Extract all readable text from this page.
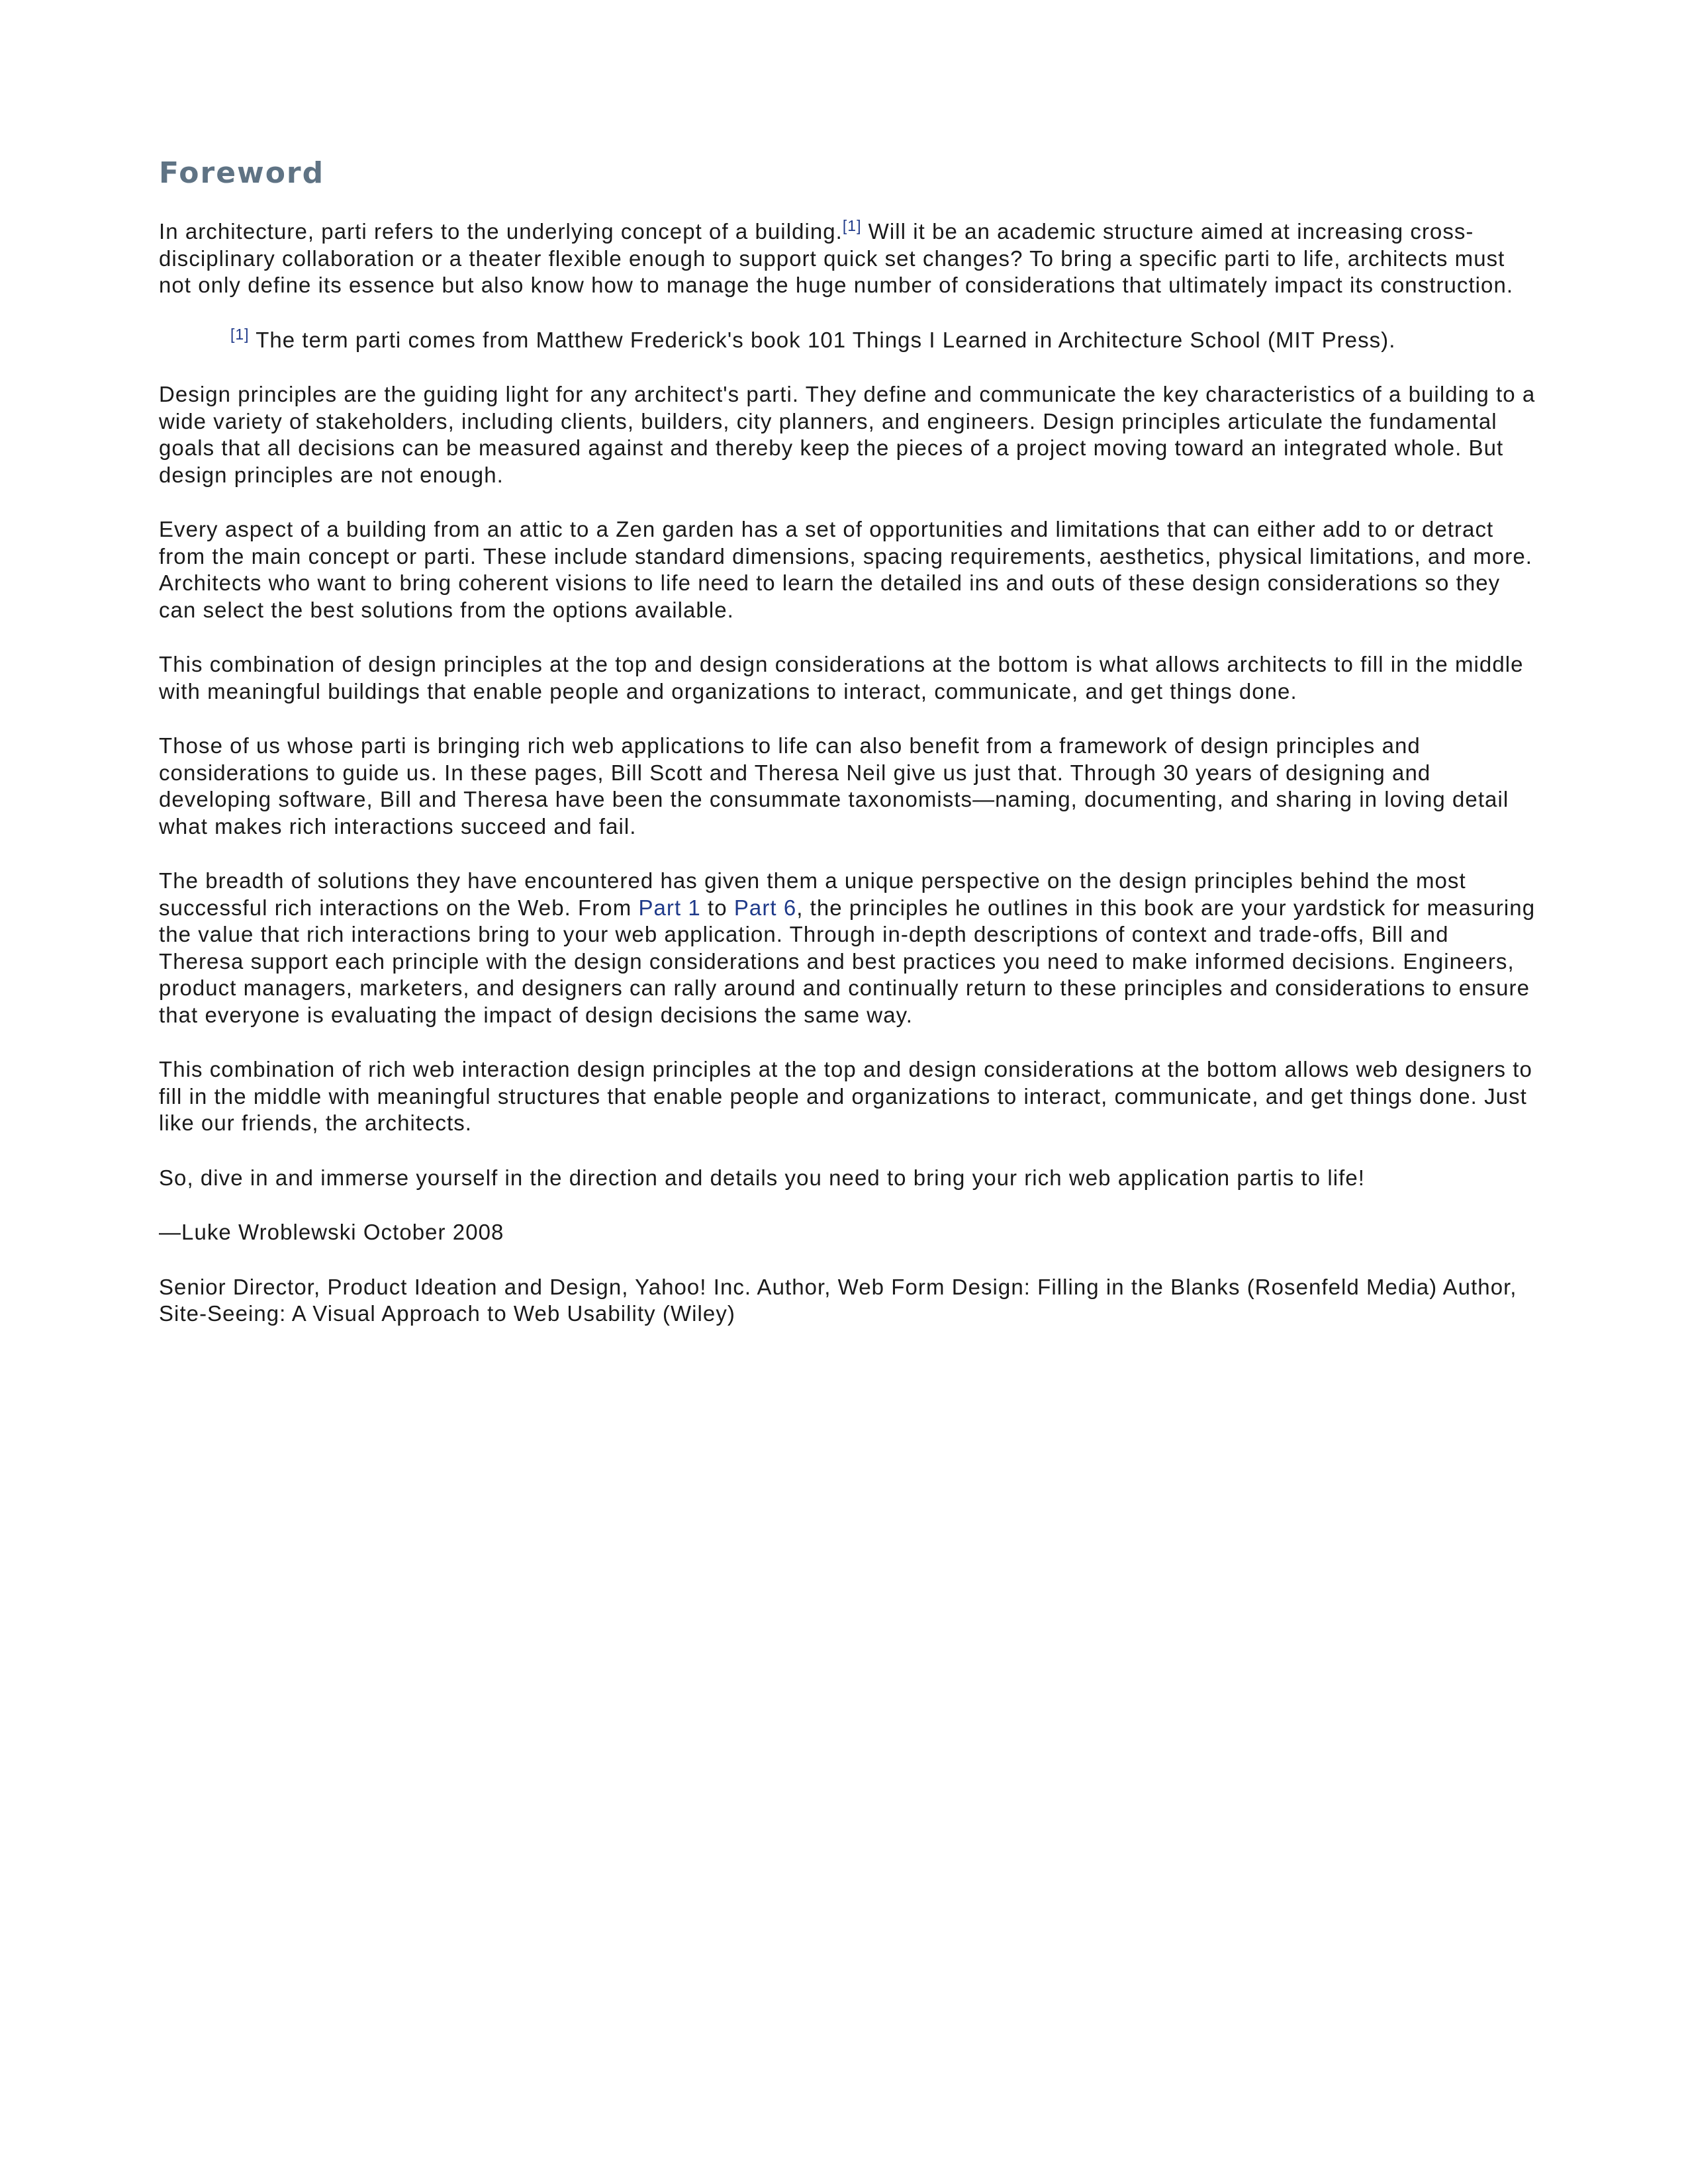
Foreword

In architecture, parti refers to the underlying concept of a building.[1] Will it be an academic structure aimed at increasing cross-disciplinary collaboration or a theater flexible enough to support quick set changes? To bring a specific parti to life, architects must not only define its essence but also know how to manage the huge number of considerations that ultimately impact its construction.

[1] The term parti comes from Matthew Frederick's book 101 Things I Learned in Architecture School (MIT Press).

Design principles are the guiding light for any architect's parti. They define and communicate the key characteristics of a building to a wide variety of stakeholders, including clients, builders, city planners, and engineers. Design principles articulate the fundamental goals that all decisions can be measured against and thereby keep the pieces of a project moving toward an integrated whole. But design principles are not enough.

Every aspect of a building from an attic to a Zen garden has a set of opportunities and limitations that can either add to or detract from the main concept or parti. These include standard dimensions, spacing requirements, aesthetics, physical limitations, and more. Architects who want to bring coherent visions to life need to learn the detailed ins and outs of these design considerations so they can select the best solutions from the options available.

This combination of design principles at the top and design considerations at the bottom is what allows architects to fill in the middle with meaningful buildings that enable people and organizations to interact, communicate, and get things done.

Those of us whose parti is bringing rich web applications to life can also benefit from a framework of design principles and considerations to guide us. In these pages, Bill Scott and Theresa Neil give us just that. Through 30 years of designing and developing software, Bill and Theresa have been the consummate taxonomists—naming, documenting, and sharing in loving detail what makes rich interactions succeed and fail.

The breadth of solutions they have encountered has given them a unique perspective on the design principles behind the most successful rich interactions on the Web. From Part 1 to Part 6, the principles he outlines in this book are your yardstick for measuring the value that rich interactions bring to your web application. Through in-depth descriptions of context and trade-offs, Bill and Theresa support each principle with the design considerations and best practices you need to make informed decisions. Engineers, product managers, marketers, and designers can rally around and continually return to these principles and considerations to ensure that everyone is evaluating the impact of design decisions the same way.

This combination of rich web interaction design principles at the top and design considerations at the bottom allows web designers to fill in the middle with meaningful structures that enable people and organizations to interact, communicate, and get things done. Just like our friends, the architects.

So, dive in and immerse yourself in the direction and details you need to bring your rich web application partis to life!

—Luke Wroblewski October 2008

Senior Director, Product Ideation and Design, Yahoo! Inc. Author, Web Form Design: Filling in the Blanks (Rosenfeld Media) Author, Site-Seeing: A Visual Approach to Web Usability (Wiley)
